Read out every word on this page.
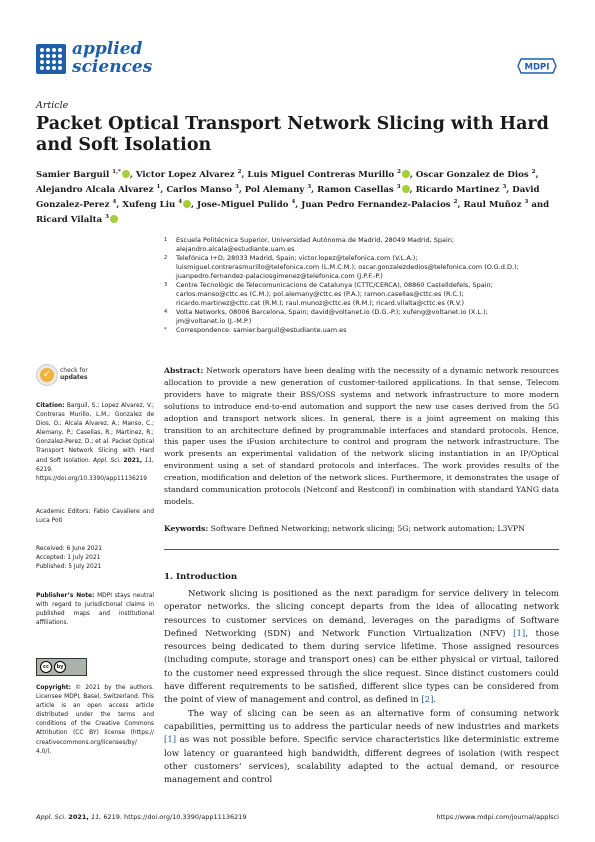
applied
sciences	MDPI
Article
Packet Optical Transport Network Slicing with Hard and Soft Isolation
Samier Barguil $^{1,*}$ , Victor Lopez Alvarez $^2$, Luis Miguel Contreras Murillo $^2$ , Oscar Gonzalez de Dios $^2$, Alejandro Alcala Alvarez $^1$, Carlos Manso $^3$, Pol Alemany $^3$, Ramon Casellas $^3$ , Ricardo Martinez $^3$, David Gonzalez-Perez $^4$, Xufeng Liu $^4$ , Jose-Miguel Pulido $^4$, Juan Pedro Fernandez-Palacios $^2$, Raul Muñoz $^3$ and Ricard Vilalta $^3$
1	Escuela Politécnica Superior, Universidad Autónoma de Madrid, 28049 Madrid, Spain;
alejandro.alcala@estudiante.uam.es
2	Telefónica I+D, 28033 Madrid, Spain; victor.lopez@telefonica.com (V.L.A.);
luismiguel.contrerasmurillo@telefonica.com (L.M.C.M.); oscar.gonzalezdedios@telefonica.com (O.G.d.D.);
juanpedro.fernandez-palaciosgimenez@telefonica.com (J.P.F.-P.)
3	Centre Tecnològic de Telecomunicacions de Catalunya (CTTC/CERCA), 08860 Castelldefels, Spain;
carlos.manso@cttc.es (C.M.); pol.alemany@cttc.es (P.A.); ramon.casellas@cttc.es (R.C.);
ricardo.martinez@cttc.cat (R.M.); raul.munoz@cttc.es (R.M.); ricard.vilalta@cttc.es (R.V.)
4	Volta Networks, 08006 Barcelona, Spain; david@voltanet.io (D.G.-P.); xufeng@voltanet.io (X.L.);
jm@voltanet.io (J.-M.P.)
*	Correspondence: samier.barguil@estudiante.uam.es
✓	check for
updates
Citation: Barguil, S.; Lopez Alvarez, V.; Contreras Murillo, L.M.; Gonzalez de Dios, O.; Alcala Alvarez, A.; Manso, C.; Alemany, P.; Casellas, R.; Martinez, R.; Gonzalez-Perez, D.; et al. Packet Optical Transport Network Slicing with Hard and Soft Isolation. Appl. Sci. 2021, 11, 6219. https://doi.org/10.3390/app11136219
Academic Editors: Fabio Cavaliere and Luca Poti
Received: 6 June 2021
Accepted: 1 July 2021
Published: 5 July 2021
Publisher’s Note: MDPI stays neutral with regard to jurisdictional claims in published maps and institutional affiliations.
cc	by
Copyright: © 2021 by the authors. Licensee MDPI, Basel, Switzerland. This article is an open access article distributed under the terms and conditions of the Creative Commons Attribution (CC BY) license (https:// creativecommons.org/licenses/by/ 4.0/).
Abstract: Network operators have been dealing with the necessity of a dynamic network resources allocation to provide a new generation of customer-tailored applications. In that sense, Telecom providers have to migrate their BSS/OSS systems and network infrastructure to more modern solutions to introduce end-to-end automation and support the new use cases derived from the 5G adoption and transport network slices. In general, there is a joint agreement on making this transition to an architecture defined by programmable interfaces and standard protocols. Hence, this paper uses the iFusion architecture to control and program the network infrastructure. The work presents an experimental validation of the network slicing instantiation in an IP/Optical environment using a set of standard protocols and interfaces. The work provides results of the creation, modification and deletion of the network slices. Furthermore, it demonstrates the usage of standard communication protocols (Netconf and Restconf) in combination with standard YANG data models.
Keywords: Software Defined Networking; network slicing; 5G; network automation; L3VPN
1. Introduction

Network slicing is positioned as the next paradigm for service delivery in telecom operator networks. the slicing concept departs from the idea of allocating network resources to customer services on demand, leverages on the paradigms of Software Defined Networking (SDN) and Network Function Virtualization (NFV) [1], those resources being dedicated to them during service lifetime. Those assigned resources (including compute, storage and transport ones) can be either physical or virtual, tailored to the customer need expressed through the slice request. Since distinct customers could have different requirements to be satisfied, different slice types can be considered from the point of view of management and control, as defined in [2].

The way of slicing can be seen as an alternative form of consuming network capabilities, permitting us to address the particular needs of new industries and markets [1] as was not possible before. Specific service characteristics like deterministic extreme low latency or guaranteed high bandwidth, different degrees of isolation (with respect other customers’ services), scalability adapted to the actual demand, or resource management and control

Appl. Sci. 2021, 11, 6219. https://doi.org/10.3390/app11136219	https://www.mdpi.com/journal/applsci
